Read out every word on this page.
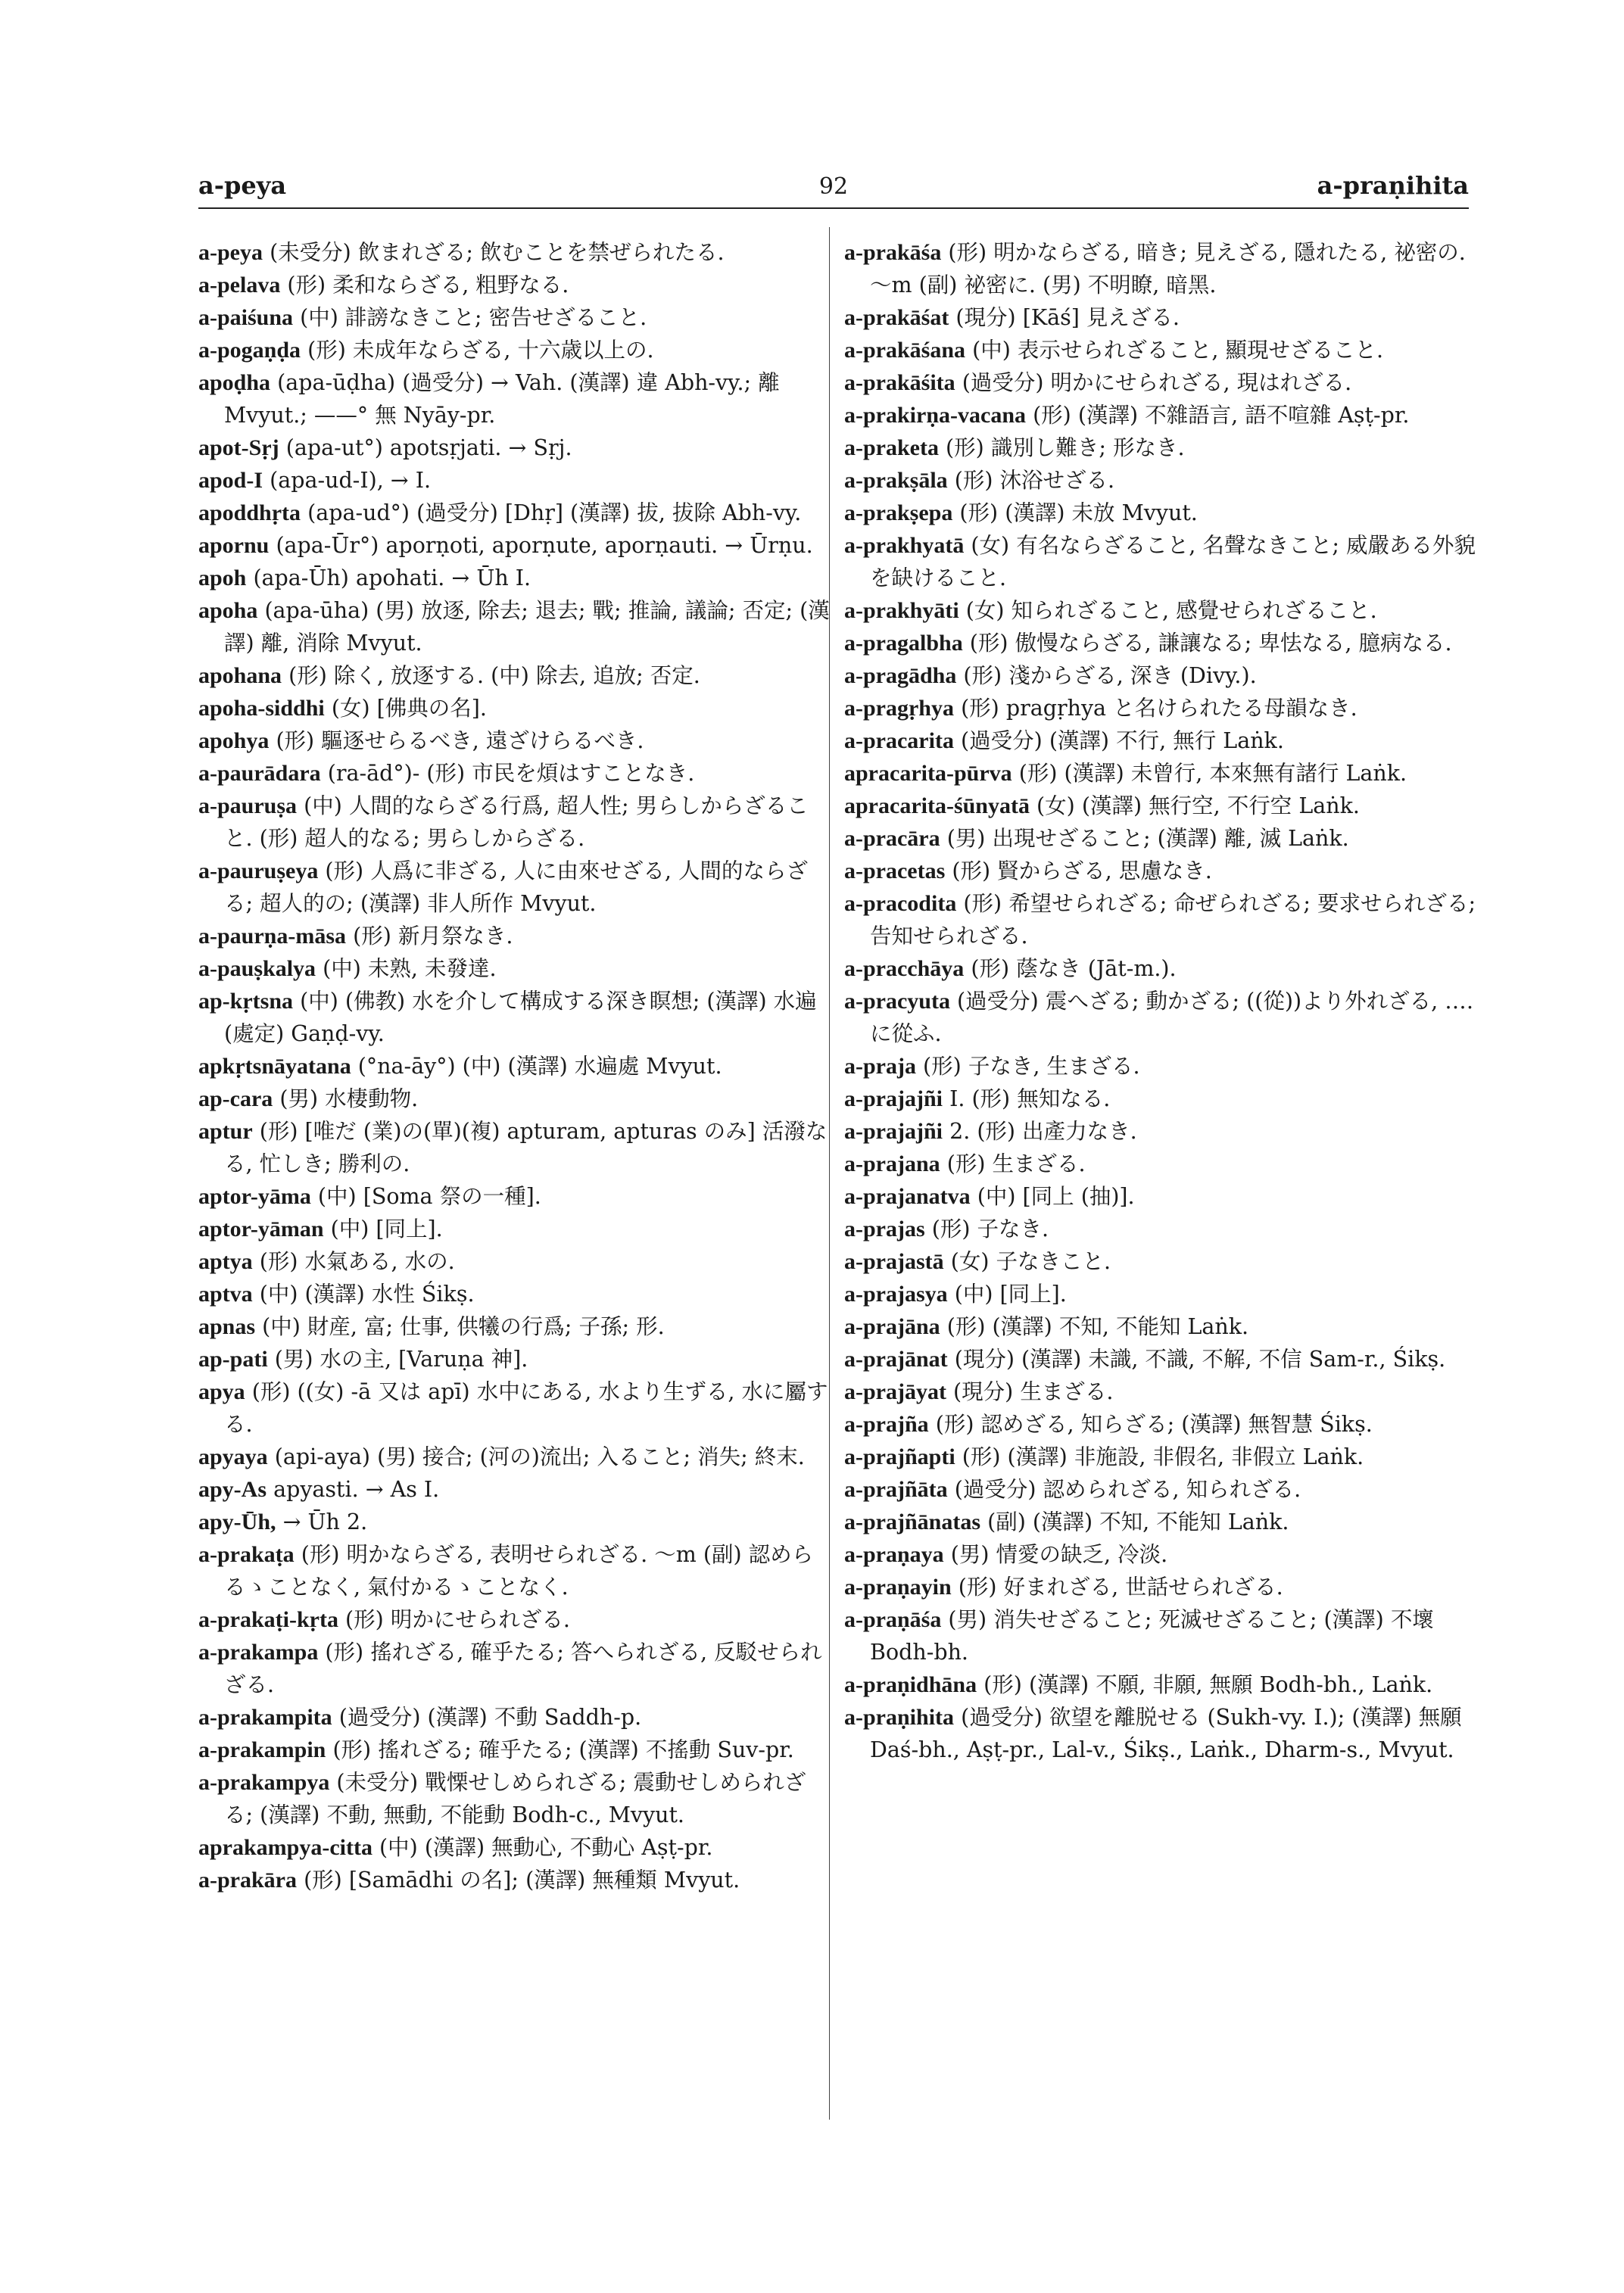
a-peya	92	a-praṇihita

a-peya (未受分) 飲まれざる; 飲むことを禁ぜられたる.

a-pelava (形) 柔和ならざる, 粗野なる.

a-paiśuna (中) 誹謗なきこと; 密告せざること.

a-pogaṇḍa (形) 未成年ならざる, 十六歳以上の.

apoḍha (apa-ūḍha) (過受分) → Vah. (漢譯) 違 Abh-vy.; 離 Mvyut.; ——° 無 Nyāy-pr.

apot-Sṛj (apa-ut°) apotsṛjati. → Sṛj.

apod-I (apa-ud-I), → I.

apoddhṛta (apa-ud°) (過受分) [Dhṛ] (漢譯) 拔, 拔除 Abh-vy.

apornu (apa-Ūr°) aporṇoti, aporṇute, aporṇauti. → Ūrṇu.

apoh (apa-Ūh) apohati. → Ūh I.

apoha (apa-ūha) (男) 放逐, 除去; 退去; 戰; 推論, 議論; 否定; (漢譯) 離, 消除 Mvyut.

apohana (形) 除く, 放逐する. (中) 除去, 追放; 否定.

apoha-siddhi (女) [佛典の名].

apohya (形) 驅逐せらるべき, 遠ざけらるべき.

a-paurādara (ra-ād°)- (形) 市民を煩はすことなき.

a-pauruṣa (中) 人間的ならざる行爲, 超人性; 男らしからざること. (形) 超人的なる; 男らしからざる.

a-pauruṣeya (形) 人爲に非ざる, 人に由來せざる, 人間的ならざる; 超人的の; (漢譯) 非人所作 Mvyut.

a-paurṇa-māsa (形) 新月祭なき.

a-pauṣkalya (中) 未熟, 未發達.

ap-kṛtsna (中) (佛教) 水を介して構成する深き瞑想; (漢譯) 水遍(處定) Gaṇḍ-vy.

apkṛtsnāyatana (°na-āy°) (中) (漢譯) 水遍處 Mvyut.

ap-cara (男) 水棲動物.

aptur (形) [唯だ (業)の(單)(複) apturam, apturas のみ] 活潑なる, 忙しき; 勝利の.

aptor-yāma (中) [Soma 祭の一種].

aptor-yāman (中) [同上].

aptya (形) 水氣ある, 水の.

aptva (中) (漢譯) 水性 Śikṣ.

apnas (中) 財産, 富; 仕事, 供犧の行爲; 子孫; 形.

ap-pati (男) 水の主, [Varuṇa 神].

apya (形) ((女) -ā 又は apī) 水中にある, 水より生ずる, 水に屬する.

apyaya (api-aya) (男) 接合; (河の)流出; 入ること; 消失; 終末.

apy-As apyasti. → As I.

apy-Ūh, → Ūh 2.

a-prakaṭa (形) 明かならざる, 表明せられざる. ～m (副) 認めらるゝことなく, 氣付かるゝことなく.

a-prakaṭi-kṛta (形) 明かにせられざる.

a-prakampa (形) 搖れざる, 確乎たる; 答へられざる, 反駁せられざる.

a-prakampita (過受分) (漢譯) 不動 Saddh-p.

a-prakampin (形) 搖れざる; 確乎たる; (漢譯) 不搖動 Suv-pr.

a-prakampya (未受分) 戰慄せしめられざる; 震動せしめられざる; (漢譯) 不動, 無動, 不能動 Bodh-c., Mvyut.

aprakampya-citta (中) (漢譯) 無動心, 不動心 Aṣṭ-pr.

a-prakāra (形) [Samādhi の名]; (漢譯) 無種類 Mvyut.

a-prakāśa (形) 明かならざる, 暗き; 見えざる, 隱れたる, 祕密の. ～m (副) 祕密に. (男) 不明瞭, 暗黑.

a-prakāśat (現分) [Kāś] 見えざる.

a-prakāśana (中) 表示せられざること, 顯現せざること.

a-prakāśita (過受分) 明かにせられざる, 現はれざる.

a-prakirṇa-vacana (形) (漢譯) 不雜語言, 語不喧雜 Aṣṭ-pr.

a-praketa (形) 識別し難き; 形なき.

a-prakṣāla (形) 沐浴せざる.

a-prakṣepa (形) (漢譯) 未放 Mvyut.

a-prakhyatā (女) 有名ならざること, 名聲なきこと; 威嚴ある外貌を缺けること.

a-prakhyāti (女) 知られざること, 感覺せられざること.

a-pragalbha (形) 傲慢ならざる, 謙讓なる; 卑怯なる, 臆病なる.

a-pragādha (形) 淺からざる, 深き (Divy.).

a-pragṛhya (形) pragṛhya と名けられたる母韻なき.

a-pracarita (過受分) (漢譯) 不行, 無行 Laṅk.

apracarita-pūrva (形) (漢譯) 未曾行, 本來無有諸行 Laṅk.

apracarita-śūnyatā (女) (漢譯) 無行空, 不行空 Laṅk.

a-pracāra (男) 出現せざること; (漢譯) 離, 滅 Laṅk.

a-pracetas (形) 賢からざる, 思慮なき.

a-pracodita (形) 希望せられざる; 命ぜられざる; 要求せられざる; 告知せられざる.

a-pracchāya (形) 蔭なき (Jāt-m.).

a-pracyuta (過受分) 震へざる; 動かざる; ((從))より外れざる, ‥‥に從ふ.

a-praja (形) 子なき, 生まざる.

a-prajajñi I. (形) 無知なる.

a-prajajñi 2. (形) 出產力なき.

a-prajana (形) 生まざる.

a-prajanatva (中) [同上 (抽)].

a-prajas (形) 子なき.

a-prajastā (女) 子なきこと.

a-prajasya (中) [同上].

a-prajāna (形) (漢譯) 不知, 不能知 Laṅk.

a-prajānat (現分) (漢譯) 未識, 不識, 不解, 不信 Sam-r., Śikṣ.

a-prajāyat (現分) 生まざる.

a-prajña (形) 認めざる, 知らざる; (漢譯) 無智慧 Śikṣ.

a-prajñapti (形) (漢譯) 非施設, 非假名, 非假立 Laṅk.

a-prajñāta (過受分) 認められざる, 知られざる.

a-prajñānatas (副) (漢譯) 不知, 不能知 Laṅk.

a-praṇaya (男) 情愛の缺乏, 冷淡.

a-praṇayin (形) 好まれざる, 世話せられざる.

a-praṇāśa (男) 消失せざること; 死滅せざること; (漢譯) 不壞 Bodh-bh.

a-praṇidhāna (形) (漢譯) 不願, 非願, 無願 Bodh-bh., Laṅk.

a-praṇihita (過受分) 欲望を離脱せる (Sukh-vy. I.); (漢譯) 無願 Daś-bh., Aṣṭ-pr., Lal-v., Śikṣ., Laṅk., Dharm-s., Mvyut.
